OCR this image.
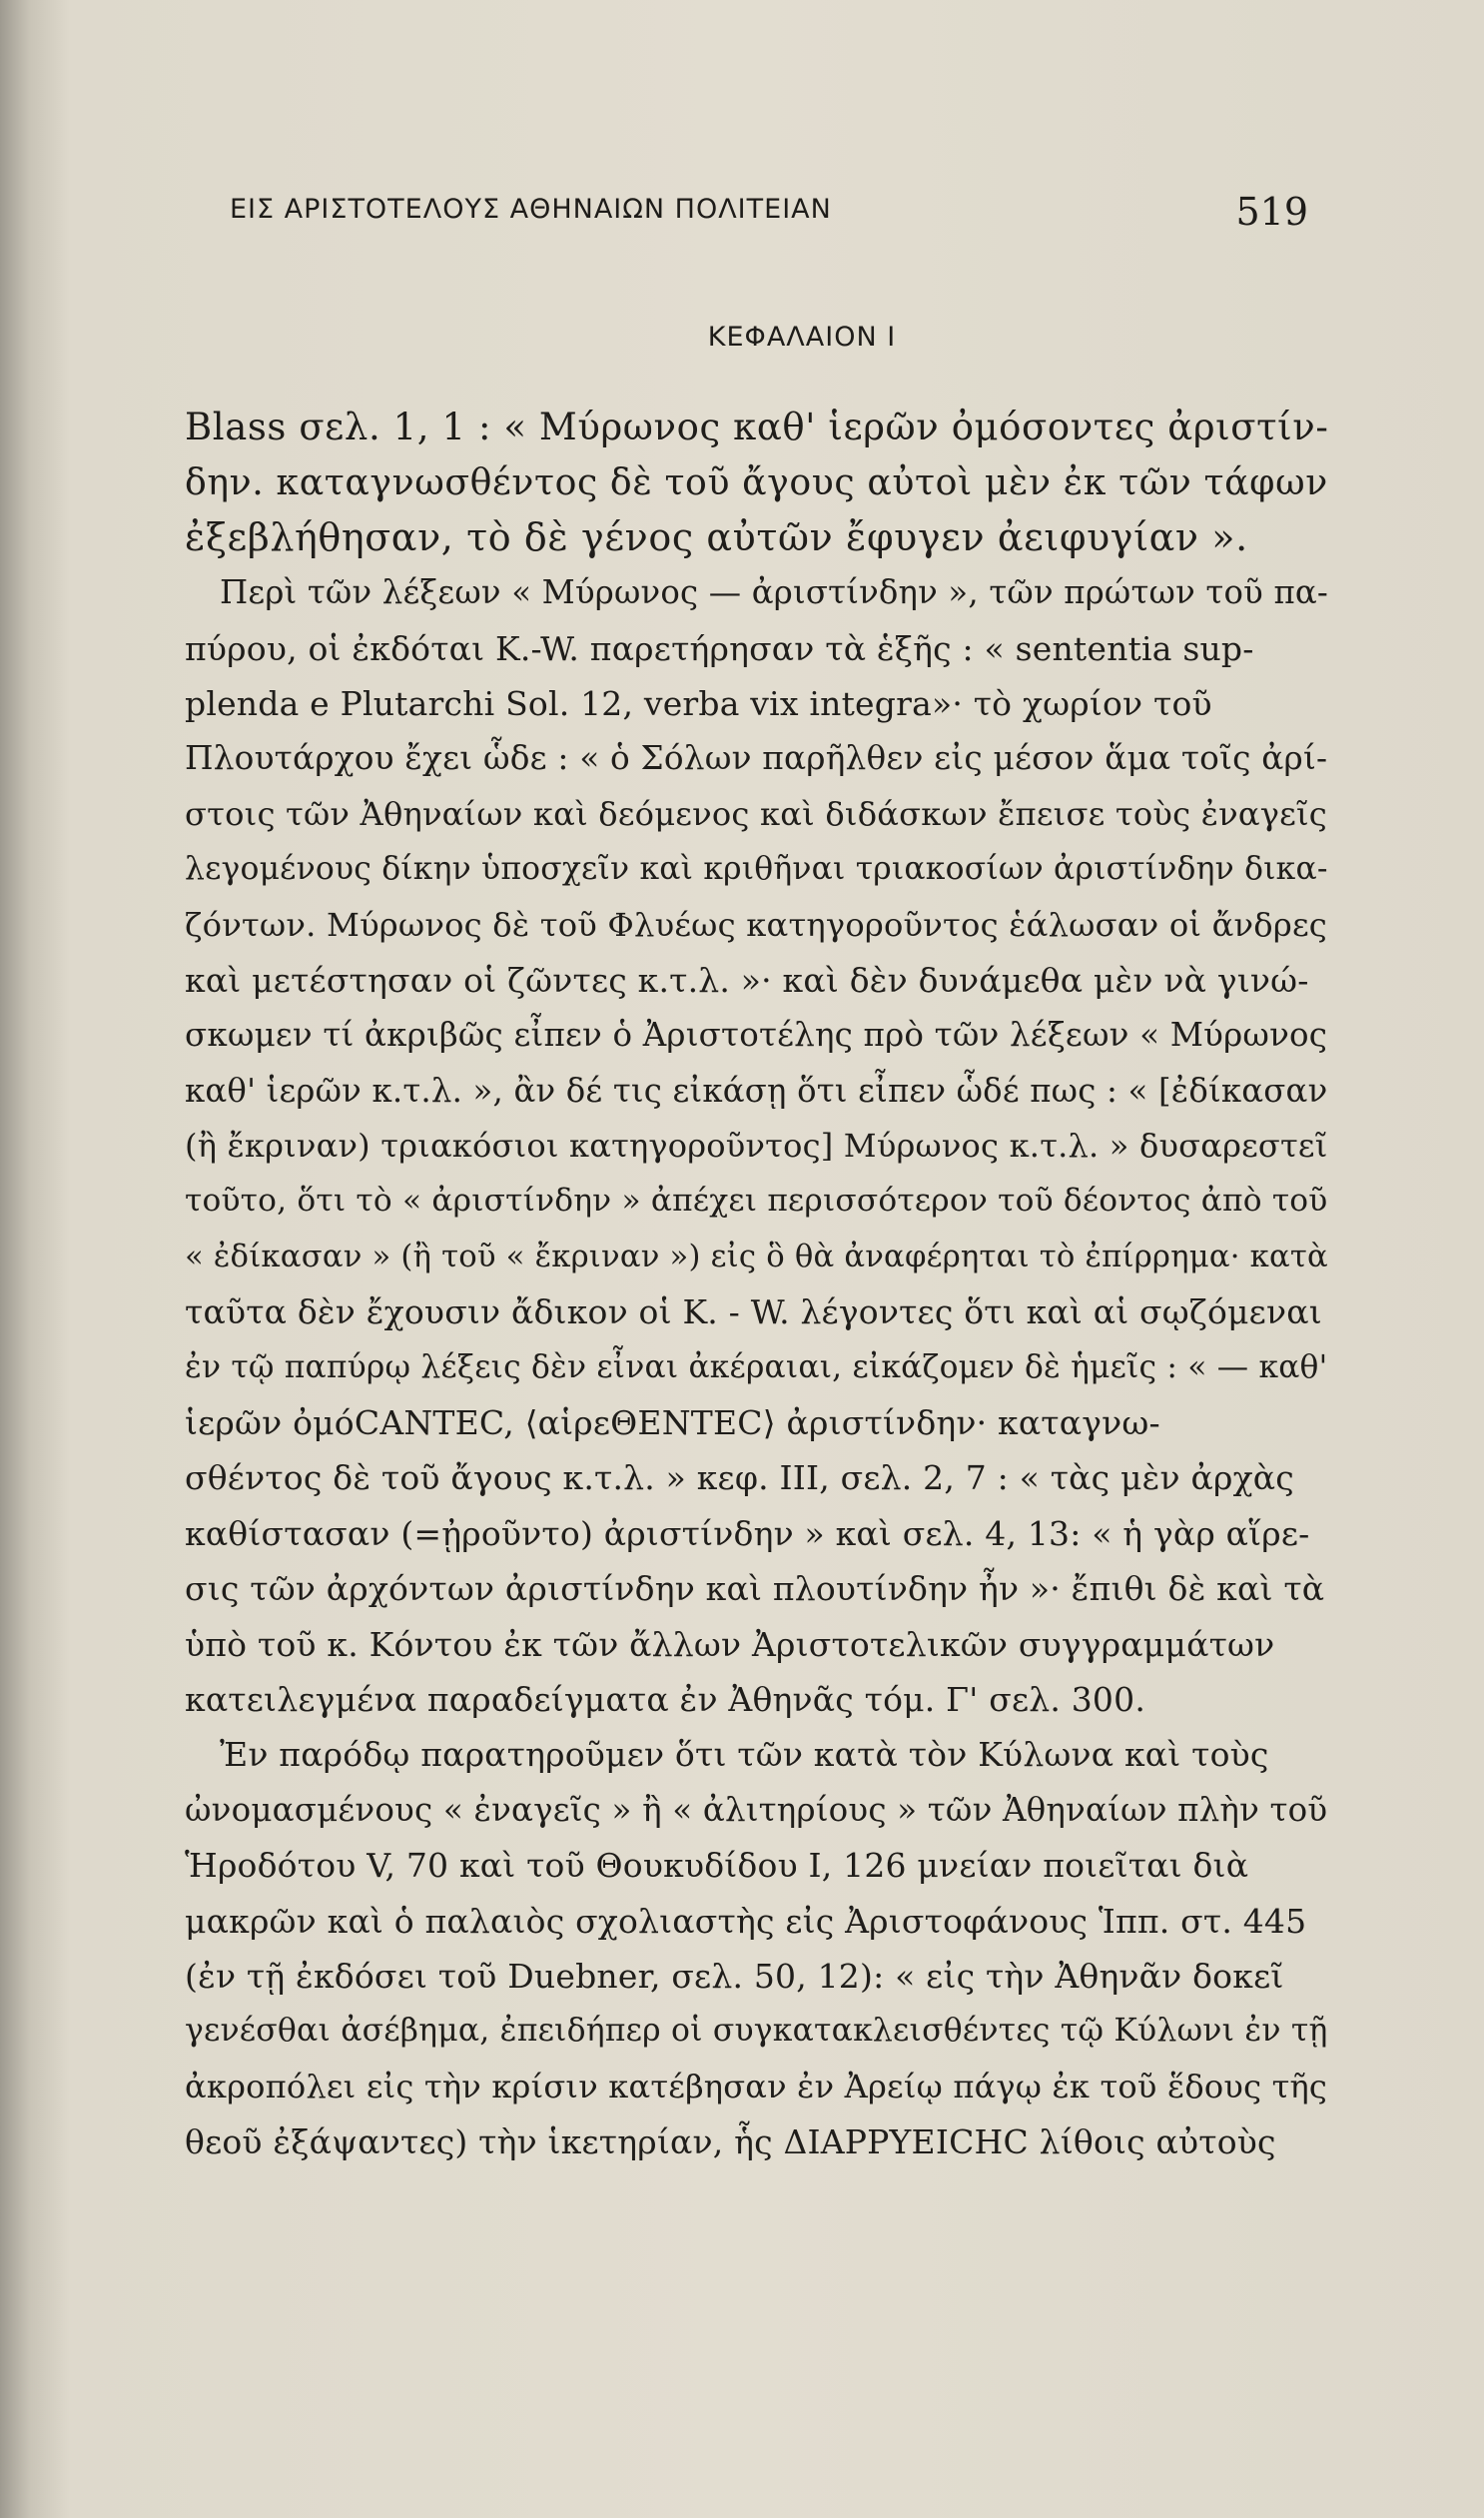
ΕΙΣ ΑΡΙΣΤΟΤΕΛΟΥΣ ΑΘΗΝΑΙΩΝ ΠΟΛΙΤΕΙΑΝ	519
ΚΕΦΑΛΑΙΟΝ Ι
Blass σελ. 1, 1 : « Μύρωνος καθ' ἱερῶν ὀμόσοντες ἀριστίν-
δην. καταγνωσθέντος δὲ τοῦ ἄγους αὐτοὶ μὲν ἐκ τῶν τάφων
ἐξεβλήθησαν, τὸ δὲ γένος αὐτῶν ἔφυγεν ἀειφυγίαν ».
Περὶ τῶν λέξεων « Μύρωνος — ἀριστίνδην », τῶν πρώτων τοῦ πα-
πύρου, οἱ ἐκδόται K.-W. παρετήρησαν τὰ ἑξῆς : « sententia sup-
plenda e Plutarchi Sol. 12, verba vix integra»· τὸ χωρίον τοῦ
Πλουτάρχου ἔχει ὧδε : « ὁ Σόλων παρῆλθεν εἰς μέσον ἅμα τοῖς ἀρί-
στοις τῶν Ἀθηναίων καὶ δεόμενος καὶ διδάσκων ἔπεισε τοὺς ἐναγεῖς
λεγομένους δίκην ὑποσχεῖν καὶ κριθῆναι τριακοσίων ἀριστίνδην δικα-
ζόντων. Μύρωνος δὲ τοῦ Φλυέως κατηγοροῦντος ἑάλωσαν οἱ ἄνδρες
καὶ μετέστησαν οἱ ζῶντες κ.τ.λ. »· καὶ δὲν δυνάμεθα μὲν νὰ γινώ-
σκωμεν τί ἀκριβῶς εἶπεν ὁ Ἀριστοτέλης πρὸ τῶν λέξεων « Μύρωνος
καθ' ἱερῶν κ.τ.λ. », ἂν δέ τις εἰκάσῃ ὅτι εἶπεν ὧδέ πως : « [ἐδίκασαν
(ἢ ἔκριναν) τριακόσιοι κατηγοροῦντος] Μύρωνος κ.τ.λ. » δυσαρεστεῖ
τοῦτο, ὅτι τὸ « ἀριστίνδην » ἀπέχει περισσότερον τοῦ δέοντος ἀπὸ τοῦ
« ἐδίκασαν » (ἢ τοῦ « ἔκριναν ») εἰς ὃ θὰ ἀναφέρηται τὸ ἐπίρρημα· κατὰ
ταῦτα δὲν ἔχουσιν ἄδικον οἱ K. - W. λέγοντες ὅτι καὶ αἱ σῳζόμεναι
ἐν τῷ παπύρῳ λέξεις δὲν εἶναι ἀκέραιαι, εἰκάζομεν δὲ ἡμεῖς : « — καθ'
ἱερῶν ὀμόCANTEC, ⟨αἱρεΘΕΝΤΕC⟩ ἀριστίνδην· καταγνω-
σθέντος δὲ τοῦ ἄγους κ.τ.λ. » κεφ. III, σελ. 2, 7 : « τὰς μὲν ἀρχὰς
καθίστασαν (=ᾐροῦντο) ἀριστίνδην » καὶ σελ. 4, 13: « ἡ γὰρ αἵρε-
σις τῶν ἀρχόντων ἀριστίνδην καὶ πλουτίνδην ἦν »· ἔπιθι δὲ καὶ τὰ
ὑπὸ τοῦ κ. Κόντου ἐκ τῶν ἄλλων Ἀριστοτελικῶν συγγραμμάτων
κατειλεγμένα παραδείγματα ἐν Ἀθηνᾶς τόμ. Γ' σελ. 300.
Ἐν παρόδῳ παρατηροῦμεν ὅτι τῶν κατὰ τὸν Κύλωνα καὶ τοὺς
ὠνομασμένους « ἐναγεῖς » ἢ « ἀλιτηρίους » τῶν Ἀθηναίων πλὴν τοῦ
Ἡροδότου V, 70 καὶ τοῦ Θουκυδίδου I, 126 μνείαν ποιεῖται διὰ
μακρῶν καὶ ὁ παλαιὸς σχολιαστὴς εἰς Ἀριστοφάνους Ἱππ. στ. 445
(ἐν τῇ ἐκδόσει τοῦ Duebner, σελ. 50, 12): « εἰς τὴν Ἀθηνᾶν δοκεῖ
γενέσθαι ἀσέβημα, ἐπειδήπερ οἱ συγκατακλεισθέντες τῷ Κύλωνι ἐν τῇ
ἀκροπόλει εἰς τὴν κρίσιν κατέβησαν ἐν Ἀρείῳ πάγῳ ἐκ τοῦ ἕδους τῆς
θεοῦ ἐξάψαντες) τὴν ἱκετηρίαν, ἧς ΔΙΑΡΡΥΕΙCΗC λίθοις αὐτοὺς
